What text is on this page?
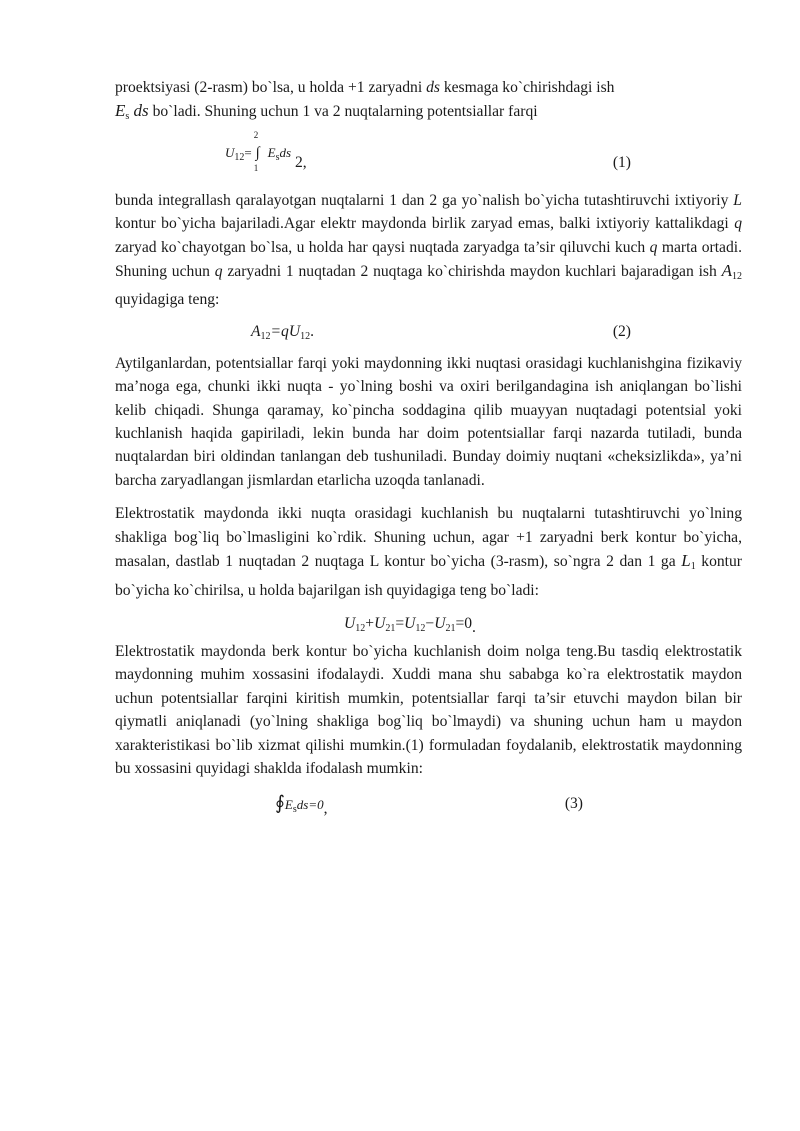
proektsiyasi (2-rasm) bo`lsa, u holda +1 zaryadni ds kesmaga ko`chirishdagi ish
$E_s$ ds bo`ladi. Shuning uchun 1 va 2 nuqtalarning potentsiallar farqi

$U_{12}=$
2
∫
1
$E_sds$ 2,	(1)

bunda integrallash qaralayotgan nuqtalarni 1 dan 2 ga yo`nalish bo`yicha tutashtiruvchi ixtiyoriy L kontur bo`yicha bajariladi.Agar elektr maydonda birlik zaryad emas, balki ixtiyoriy kattalikdagi q zaryad ko`chayotgan bo`lsa, u holda har qaysi nuqtada zaryadga ta’sir qiluvchi kuch q marta ortadi. Shuning uchun q zaryadni 1 nuqtadan 2 nuqtaga ko`chirishda maydon kuchlari bajaradigan ish $A_{12}$ quyidagiga teng:

$A_{12}=qU_{12}$.	(2)

Aytilganlardan, potentsiallar farqi yoki maydonning ikki nuqtasi orasidagi kuchlanishgina fizikaviy ma’noga ega, chunki ikki nuqta - yo`lning boshi va oxiri berilgandagina ish aniqlangan bo`lishi kelib chiqadi. Shunga qaramay, ko`pincha soddagina qilib muayyan nuqtadagi potentsial yoki kuchlanish haqida gapiriladi, lekin bunda har doim potentsiallar farqi nazarda tutiladi, bunda nuqtalardan biri oldindan tanlangan deb tushuniladi. Bunday doimiy nuqtani «cheksizlikda», ya’ni barcha zaryadlangan jismlardan etarlicha uzoqda tanlanadi.

Elektrostatik maydonda ikki nuqta orasidagi kuchlanish bu nuqtalarni tutashtiruvchi yo`lning shakliga bog`liq bo`lmasligini ko`rdik. Shuning uchun, agar +1 zaryadni berk kontur bo`yicha, masalan, dastlab 1 nuqtadan 2 nuqtaga L kontur bo`yicha (3-rasm), so`ngra 2 dan 1 ga $L_1$ kontur bo`yicha ko`chirilsa, u holda bajarilgan ish quyidagiga teng bo`ladi:

$U_{12}+U_{21}=U_{12}-U_{21}=0$.

Elektrostatik maydonda berk kontur bo`yicha kuchlanish doim nolga teng.Bu tasdiq elektrostatik maydonning muhim xossasini ifodalaydi. Xuddi mana shu sababga ko`ra elektrostatik maydon uchun potentsiallar farqini kiritish mumkin, potentsiallar farqi ta’sir etuvchi maydon bilan bir qiymatli aniqlanadi (yo`lning shakliga bog`liq bo`lmaydi) va shuning uchun ham u maydon xarakteristikasi bo`lib xizmat qilishi mumkin.(1) formuladan foydalanib, elektrostatik maydonning bu xossasini quyidagi shaklda ifodalash mumkin:

$∮E_sds=0$,	(3)
